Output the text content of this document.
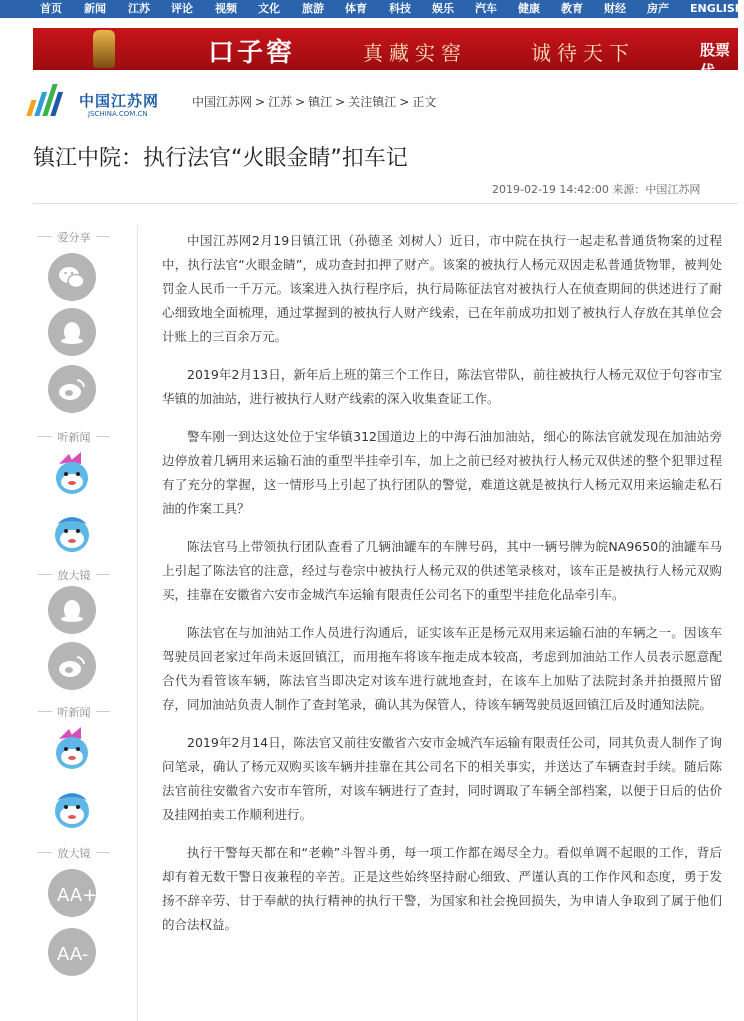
首页 新闻 江苏 评论 视频 文化 旅游 体育 科技 娱乐 汽车 健康 教育 财经 房产 ENGLISH
口子窖	真藏实窖	诚待天下	股票代
中国江苏网
JSCHINA.COM.CN
中国江苏网 > 江苏 > 镇江 > 关注镇江 > 正文
镇江中院：执行法官“火眼金睛”扣车记
2019-02-19 14:42:00 来源：中国江苏网
爱分享
听新闻
放大镜
听新闻
放大镜
AA+
AA-

中国江苏网2月19日镇江讯（孙德圣 刘树人）近日，市中院在执行一起走私普通货物案的过程中，执行法官“火眼金睛”，成功查封扣押了财产。该案的被执行人杨元双因走私普通货物罪，被判处罚金人民币一千万元。该案进入执行程序后，执行局陈征法官对被执行人在侦查期间的供述进行了耐心细致地全面梳理，通过掌握到的被执行人财产线索，已在年前成功扣划了被执行人存放在其单位会计账上的三百余万元。

2019年2月13日，新年后上班的第三个工作日，陈法官带队，前往被执行人杨元双位于句容市宝华镇的加油站，进行被执行人财产线索的深入收集查证工作。

警车刚一到达这处位于宝华镇312国道边上的中海石油加油站，细心的陈法官就发现在加油站旁边停放着几辆用来运输石油的重型半挂牵引车，加上之前已经对被执行人杨元双供述的整个犯罪过程有了充分的掌握，这一情形马上引起了执行团队的警觉，难道这就是被执行人杨元双用来运输走私石油的作案工具？

陈法官马上带领执行团队查看了几辆油罐车的车牌号码，其中一辆号牌为皖NA9650的油罐车马上引起了陈法官的注意，经过与卷宗中被执行人杨元双的供述笔录核对，该车正是被执行人杨元双购买，挂靠在安徽省六安市金城汽车运输有限责任公司名下的重型半挂危化品牵引车。

陈法官在与加油站工作人员进行沟通后，证实该车正是杨元双用来运输石油的车辆之一。因该车驾驶员回老家过年尚未返回镇江，而用拖车将该车拖走成本较高，考虑到加油站工作人员表示愿意配合代为看管该车辆，陈法官当即决定对该车进行就地查封，在该车上加贴了法院封条并拍摄照片留存，同加油站负责人制作了查封笔录，确认其为保管人，待该车辆驾驶员返回镇江后及时通知法院。

2019年2月14日，陈法官又前往安徽省六安市金城汽车运输有限责任公司，同其负责人制作了询问笔录，确认了杨元双购买该车辆并挂靠在其公司名下的相关事实，并送达了车辆查封手续。随后陈法官前往安徽省六安市车管所，对该车辆进行了查封，同时调取了车辆全部档案，以便于日后的估价及挂网拍卖工作顺利进行。

执行干警每天都在和“老赖”斗智斗勇，每一项工作都在竭尽全力。看似单调不起眼的工作，背后却有着无数干警日夜兼程的辛苦。正是这些始终坚持耐心细致、严谨认真的工作作风和态度，勇于发扬不辞辛劳、甘于奉献的执行精神的执行干警，为国家和社会挽回损失，为申请人争取到了属于他们的合法权益。
